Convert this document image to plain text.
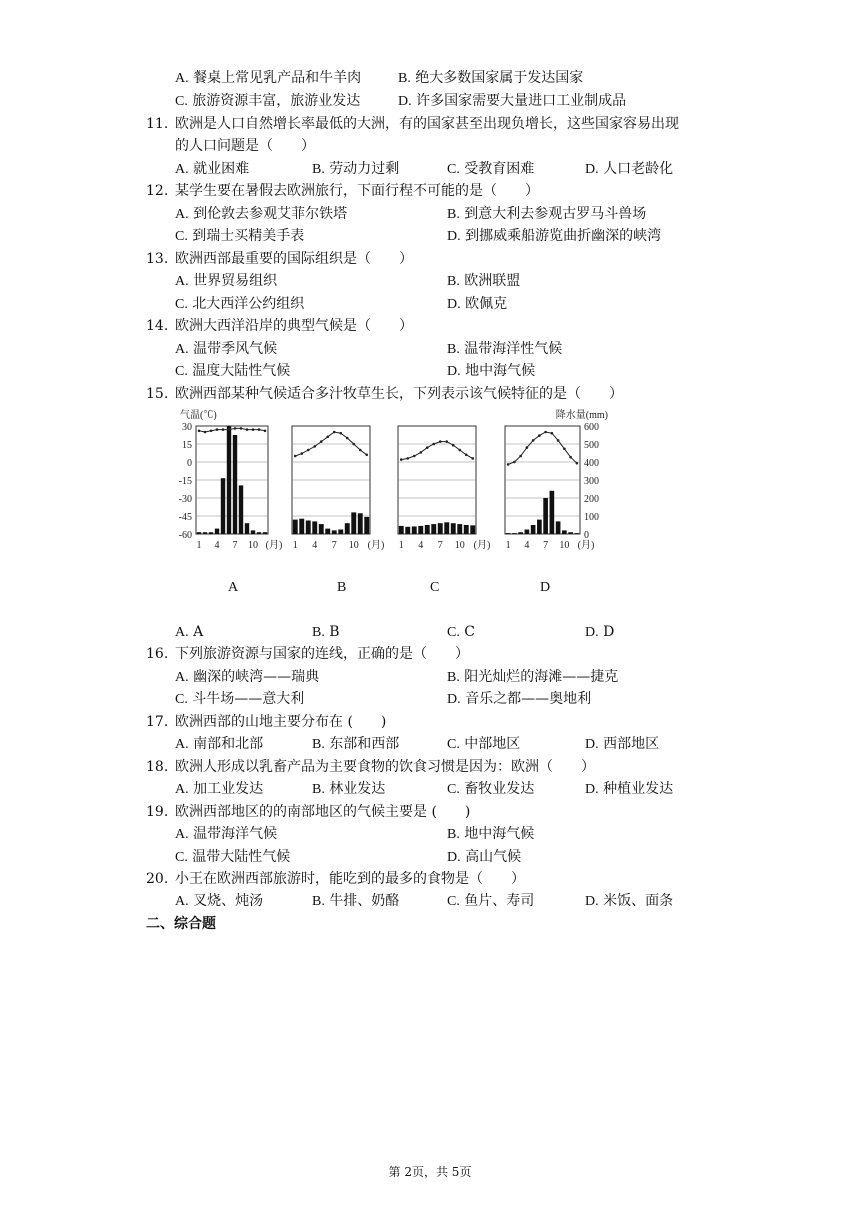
A. 餐桌上常见乳产品和牛羊肉	B. 绝大多数国家属于发达国家
C. 旅游资源丰富，旅游业发达	D. 许多国家需要大量进口工业制成品
11. 欧洲是人口自然增长率最低的大洲，有的国家甚至出现负增长，这些国家容易出现
的人口问题是（　　）
A. 就业困难	B. 劳动力过剩	C. 受教育困难	D. 人口老龄化
12. 某学生要在暑假去欧洲旅行，下面行程不可能的是（　　）
A. 到伦敦去参观艾菲尔铁塔	B. 到意大利去参观古罗马斗兽场
C. 到瑞士买精美手表	D. 到挪威乘船游览曲折幽深的峡湾
13. 欧洲西部最重要的国际组织是（　　）
A. 世界贸易组织	B. 欧洲联盟
C. 北大西洋公约组织	D. 欧佩克
14. 欧洲大西洋沿岸的典型气候是（　　）
A. 温带季风气候	B. 温带海洋性气候
C. 温度大陆性气候	D. 地中海气候
15. 欧洲西部某种气候适合多汁牧草生长，下列表示该气候特征的是（　　）
A. A	B. B	C. C	D. D
16. 下列旅游资源与国家的连线，正确的是（　　）
A. 幽深的峡湾——瑞典	B. 阳光灿烂的海滩——捷克
C. 斗牛场——意大利	D. 音乐之都——奥地利
17. 欧洲西部的山地主要分布在 (　　)
A. 南部和北部	B. 东部和西部	C. 中部地区	D. 西部地区
18. 欧洲人形成以乳畜产品为主要食物的饮食习惯是因为：欧洲（　　）
A. 加工业发达	B. 林业发达	C. 畜牧业发达	D. 种植业发达
19. 欧洲西部地区的的南部地区的气候主要是 (　　)
A. 温带海洋气候	B. 地中海气候
C. 温带大陆性气候	D. 高山气候
20. 小王在欧洲西部旅游时，能吃到的最多的食物是（　　）
A. 叉烧、炖汤	B. 牛排、奶酪	C. 鱼片、寿司	D. 米饭、面条
气温(℃)	降水量(mm)
30
15
0
-15
-30
-45
-60
600
500
400
300
200
100
0
1 4 7 10 (月) 1 4 7 10 (月) 1 4 7 10 (月) 1 4 7 10 (月)
A	B	C	D
二、综合题
第 2页，共 5页
